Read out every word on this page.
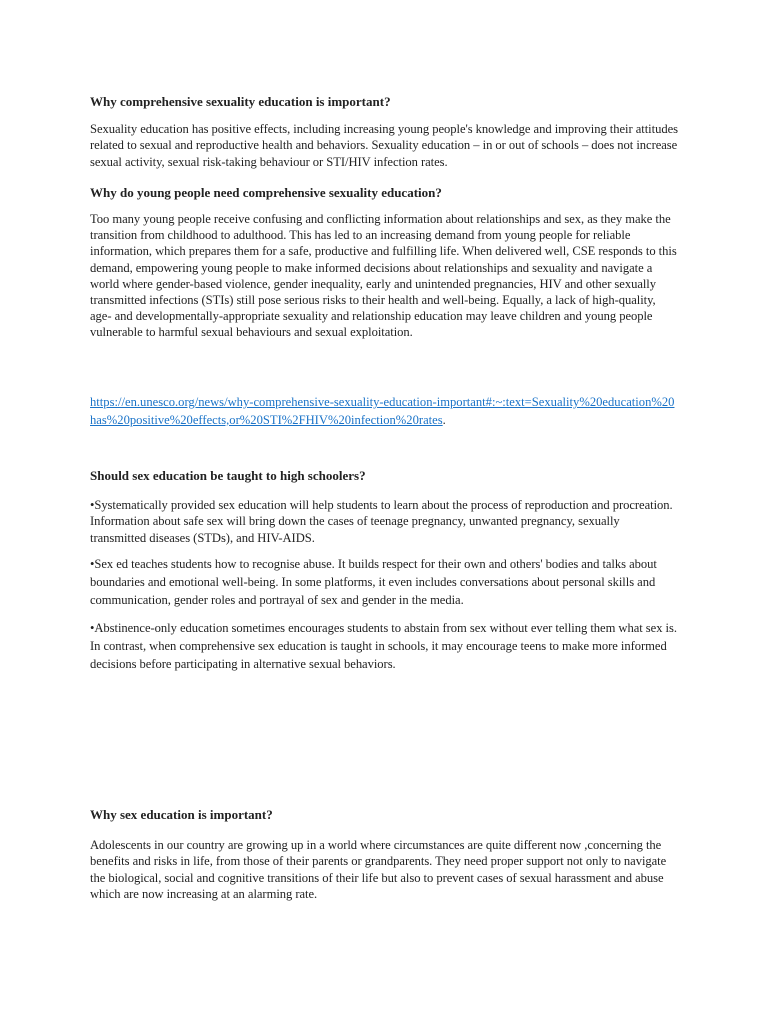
Why comprehensive sexuality education is important?

Sexuality education has positive effects, including increasing young people's knowledge and improving their attitudes related to sexual and reproductive health and behaviors. Sexuality education – in or out of schools – does not increase sexual activity, sexual risk-taking behaviour or STI/HIV infection rates.

Why do young people need comprehensive sexuality education?

Too many young people receive confusing and conflicting information about relationships and sex, as they make the transition from childhood to adulthood. This has led to an increasing demand from young people for reliable information, which prepares them for a safe, productive and fulfilling life. When delivered well, CSE responds to this demand, empowering young people to make informed decisions about relationships and sexuality and navigate a world where gender-based violence, gender inequality, early and unintended pregnancies, HIV and other sexually transmitted infections (STIs) still pose serious risks to their health and well-being. Equally, a lack of high-quality, age- and developmentally-appropriate sexuality and relationship education may leave children and young people vulnerable to harmful sexual behaviours and sexual exploitation.

https://en.unesco.org/news/why-comprehensive-sexuality-education-important#:~:text=Sexuality%20education%20has%20positive%20effects,or%20STI%2FHIV%20infection%20rates.

Should sex education be taught to high schoolers?

•Systematically provided sex education will help students to learn about the process of reproduction and procreation. Information about safe sex will bring down the cases of teenage pregnancy, unwanted pregnancy, sexually transmitted diseases (STDs), and HIV-AIDS.

•Sex ed teaches students how to recognise abuse. It builds respect for their own and others' bodies and talks about boundaries and emotional well-being. In some platforms, it even includes conversations about personal skills and communication, gender roles and portrayal of sex and gender in the media.

•Abstinence-only education sometimes encourages students to abstain from sex without ever telling them what sex is. In contrast, when comprehensive sex education is taught in schools, it may encourage teens to make more informed decisions before participating in alternative sexual behaviors.

Why sex education is important?

Adolescents in our country are growing up in a world where circumstances are quite different now ,concerning the benefits and risks in life, from those of their parents or grandparents. They need proper support not only to navigate the biological, social and cognitive transitions of their life but also to prevent cases of sexual harassment and abuse which are now increasing at an alarming rate.
